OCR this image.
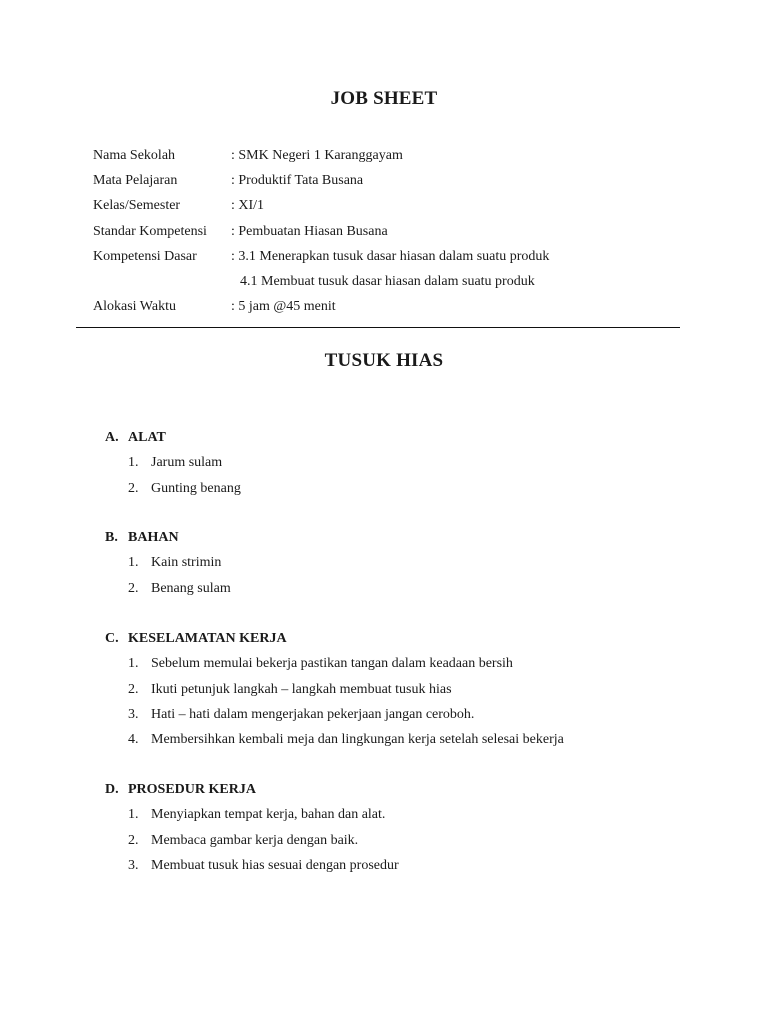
JOB SHEET
Nama Sekolah	: SMK Negeri 1 Karanggayam
Mata Pelajaran	: Produktif Tata Busana
Kelas/Semester	: XI/1
Standar Kompetensi	: Pembuatan Hiasan Busana
Kompetensi Dasar	: 3.1 Menerapkan tusuk dasar hiasan dalam suatu produk
4.1 Membuat tusuk dasar hiasan dalam suatu produk
Alokasi Waktu	: 5 jam @45 menit
TUSUK HIAS
A. ALAT
1. Jarum sulam
2. Gunting benang
B. BAHAN
1. Kain strimin
2. Benang sulam
C. KESELAMATAN KERJA
1. Sebelum memulai bekerja pastikan tangan dalam keadaan bersih
2. Ikuti petunjuk langkah – langkah membuat tusuk hias
3. Hati – hati dalam mengerjakan pekerjaan jangan ceroboh.
4. Membersihkan kembali meja dan lingkungan kerja setelah selesai bekerja
D. PROSEDUR KERJA
1. Menyiapkan tempat kerja, bahan dan alat.
2. Membaca gambar kerja dengan baik.
3. Membuat tusuk hias sesuai dengan prosedur
